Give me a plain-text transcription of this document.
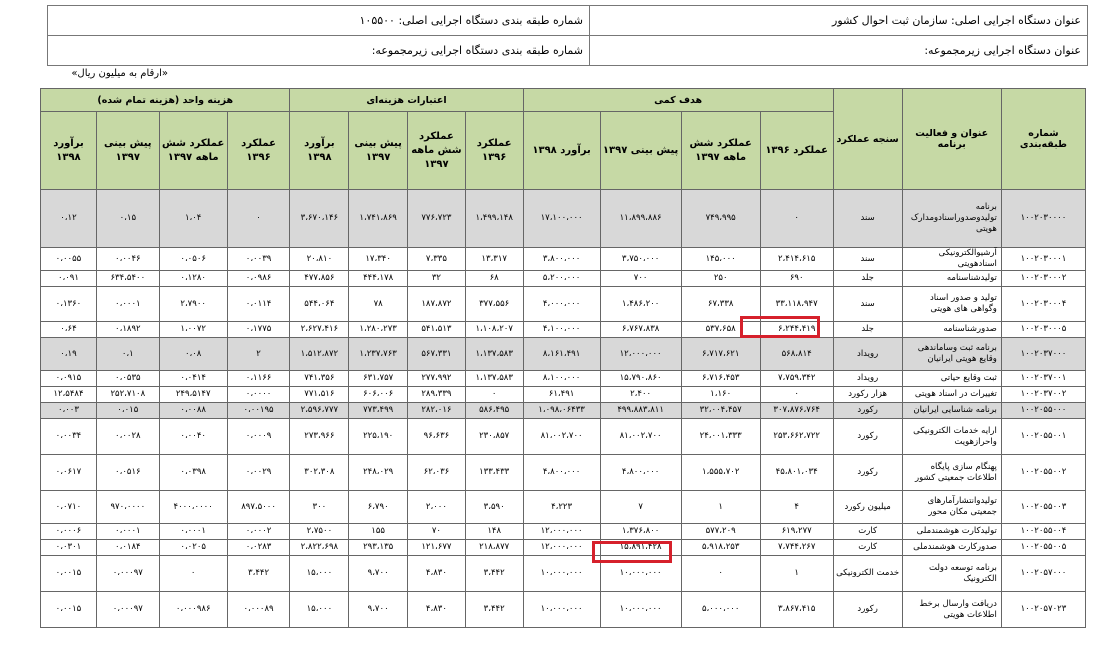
عنوان دستگاه اجرایی اصلی: سازمان ثبت احوال کشور	شماره طبقه بندی دستگاه اجرایی اصلی: ۱۰۵۵۰۰
عنوان دستگاه اجرایی زیرمجموعه:	شماره طبقه بندی دستگاه اجرایی زیرمجموعه:
«ارقام به میلیون ریال»
شماره طبقه‌بندی	عنوان و فعالیت برنامه	سنجه عملکرد	هدف کمی				اعتبارات هزینه‌ای				هزینه واحد (هزینه تمام شده)			
			عملکرد ۱۳۹۶	عملکرد شش ماهه ۱۳۹۷	پیش بینی ۱۳۹۷	برآورد ۱۳۹۸	عملکرد ۱۳۹۶	عملکرد شش ماهه ۱۳۹۷	پیش بینی ۱۳۹۷	برآورد ۱۳۹۸	عملکرد ۱۳۹۶	عملکرد شش ماهه ۱۳۹۷	پیش بینی ۱۳۹۷	برآورد ۱۳۹۸
۱۰۰۲۰۳۰۰۰۰	برنامه تولیدوصدوراسنادومدارک هویتی	سند	۰	۷۴۹،۹۹۵	۱۱،۸۹۹،۸۸۶	۱۷،۱۰۰،۰۰۰	۱،۴۹۹،۱۴۸	۷۷۶،۷۲۳	۱،۷۴۱،۸۶۹	۳،۶۷۰،۱۴۶	۰	۱،۰۴	۰،۱۵	۰،۱۲
۱۰۰۲۰۳۰۰۰۱	آرشیوالکترونیکی اسنادهویتی	سند	۲،۴۱۴،۶۱۵	۱۴۵،۰۰۰	۳،۷۵۰،۰۰۰	۳،۸۰۰،۰۰۰	۱۳،۳۱۷	۷،۳۳۵	۱۷،۳۴۰	۲۰،۸۱۰	۰،۰۰۳۹	۰،۰۵۰۶	۰،۰۰۴۶	۰،۰۰۵۵
۱۰۰۲۰۳۰۰۰۲	تولیدشناسنامه	جلد	۶۹۰	۲۵۰	۷۰۰	۵،۲۰۰،۰۰۰	۶۸	۳۲	۴۴۴،۱۷۸	۴۷۷،۸۵۶	۰،۰۹۸۶	۰،۱۲۸۰	۶۳۴،۵۴۰۰	۰،۰۹۱
۱۰۰۲۰۳۰۰۰۴	تولید و صدور اسناد وگواهی های هویتی	سند	۳۳،۱۱۸،۹۴۷	۶۷،۳۳۸	۱،۴۸۶،۲۰۰	۴،۰۰۰،۰۰۰	۳۷۷،۵۵۶	۱۸۷،۸۷۲	۷۸	۵۴۴،۰۶۴	۰،۰۱۱۴	۲،۷۹۰۰	۰،۰۰۰۱	۰،۱۳۶۰
۱۰۰۲۰۳۰۰۰۵	صدورشناسنامه	جلد	۶،۲۴۴،۴۱۹	۵۳۷،۶۵۸	۶،۷۶۷،۸۳۸	۴،۱۰۰،۰۰۰	۱،۱۰۸،۲۰۷	۵۴۱،۵۱۳	۱،۲۸۰،۲۷۳	۲،۶۲۷،۴۱۶	۰،۱۷۷۵	۱،۰۰۷۲	۰،۱۸۹۲	۰،۶۴
۱۰۰۲۰۳۷۰۰۰	برنامه ثبت وساماندهی وقایع هویتی ایرانیان	رویداد	۵۶۸،۸۱۴	۶،۷۱۷،۶۲۱	۱۲،۰۰۰،۰۰۰	۸،۱۶۱،۴۹۱	۱،۱۳۷،۵۸۳	۵۶۷،۳۳۱	۱،۲۳۷،۷۶۳	۱،۵۱۲،۸۷۲	۲	۰،۰۸	۰،۱	۰،۱۹
۱۰۰۲۰۳۷۰۰۱	ثبت وقایع حیاتی	رویداد	۷،۷۵۹،۳۴۲	۶،۷۱۶،۴۵۳	۱۵،۷۹۰،۸۶۰	۸،۱۰۰،۰۰۰	۱،۱۳۷،۵۸۳	۲۷۷،۹۹۲	۶۳۱،۷۵۷	۷۴۱،۳۵۶	۰،۱۱۶۶	۰،۰۴۱۴	۰،۰۵۳۵	۰،۰۹۱۵
۱۰۰۲۰۳۷۰۰۲	تغییرات در اسناد هویتی	هزار رکورد	۰	۱،۱۶۰	۲،۴۰۰	۶۱،۴۹۱	۰	۲۸۹،۳۳۹	۶۰۶،۰۰۶	۷۷۱،۵۱۶	۰،۰۰۰۰	۲۴۹،۵۱۴۷	۲۵۲،۷۱۰۸	۱۲،۵۴۸۴
۱۰۰۲۰۵۵۰۰۰	برنامه شناسایی ایرانیان	رکورد	۳۰۷،۸۷۶،۷۶۴	۳۲،۰۰۴،۴۵۷	۴۹۹،۸۸۳،۸۱۱	۱،۰۹۸،۰۶۴۳۳	۵۸۶،۴۹۵	۲۸۲،۰۱۶	۷۷۳،۴۹۹	۲،۵۹۶،۷۷۷	۰،۰۰۱۹۵	۰،۰۰۸۸	۰،۰۱۵	۰،۰۰۳
۱۰۰۲۰۵۵۰۰۱	ارایه خدمات الکترونیکی واحرازهویت	رکورد	۲۵۳،۶۶۲،۷۲۲	۲۴،۰۰۱،۳۳۳	۸۱،۰۰۲،۷۰۰	۸۱،۰۰۲،۷۰۰	۲۳۰،۸۵۷	۹۶،۶۳۶	۲۲۵،۱۹۰	۲۷۳،۹۶۶	۰،۰۰۰۹	۰،۰۰۴۰	۰،۰۰۲۸	۰،۰۰۳۴
۱۰۰۲۰۵۵۰۰۲	پهنگام سازی پایگاه اطلاعات جمعیتی کشور	رکورد	۴۵،۸۰۱،۰۳۴	۱،۵۵۵،۷۰۲	۴،۸۰۰،۰۰۰	۴،۸۰۰،۰۰۰	۱۳۳،۴۳۳	۶۲،۰۳۶	۲۴۸،۰۲۹	۳۰۲،۳۰۸	۰،۰۰۲۹	۰،۰۳۹۸	۰،۰۵۱۶	۰،۰۶۱۷
۱۰۰۲۰۵۵۰۰۳	تولیدوانتشارآمارهای جمعیتی مکان محور	میلیون رکورد	۴	۱	۷	۴،۲۲۳	۳،۵۹۰	۲،۰۰۰	۶،۷۹۰	۳۰۰	۸۹۷،۵۰۰۰	۴۰۰۰،۰۰۰۰	۹۷۰،۰۰۰۰	۰،۰۷۱۰
۱۰۰۲۰۵۵۰۰۴	تولیدکارت هوشمندملی	کارت	۶۱۹،۲۷۷	۵۷۷،۲۰۹	۱،۳۷۶،۸۰۰	۱۲،۰۰۰،۰۰۰	۱۴۸	۷۰	۱۵۵	۲،۷۵۰۰	۰،۰۰۰۲	۰،۰۰۰۱	۰،۰۰۰۱	۰،۰۰۰۶
۱۰۰۲۰۵۵۰۰۵	صدورکارت هوشمندملی	کارت	۷،۷۴۴،۲۶۷	۵،۹۱۸،۲۵۳	۱۵،۸۹۱،۴۲۸	۱۲،۰۰۰،۰۰۰	۲۱۸،۸۷۷	۱۲۱،۶۷۷	۲۹۳،۱۳۵	۲،۸۲۲،۶۹۸	۰،۰۲۸۳	۰،۰۲۰۵	۰،۰۱۸۴	۰،۰۳۰۱
۱۰۰۲۰۵۷۰۰۰	برنامه توسعه دولت الکترونیک	خدمت الکترونیکی	۱	۰	۱۰،۰۰۰،۰۰۰	۱۰،۰۰۰،۰۰۰	۳،۴۴۲	۴،۸۳۰	۹،۷۰۰	۱۵،۰۰۰	۳،۴۴۲	۰	۰،۰۰۰۹۷	۰،۰۰۱۵
۱۰۰۲۰۵۷۰۲۳	دریافت وارسال برخط اطلاعات هویتی	رکورد	۳،۸۶۷،۴۱۵	۵،۰۰۰،۰۰۰	۱۰،۰۰۰،۰۰۰	۱۰،۰۰۰،۰۰۰	۳،۴۴۲	۴،۸۳۰	۹،۷۰۰	۱۵،۰۰۰	۰،۰۰۰۸۹	۰،۰۰۰۹۸۶	۰،۰۰۰۹۷	۰،۰۰۱۵
